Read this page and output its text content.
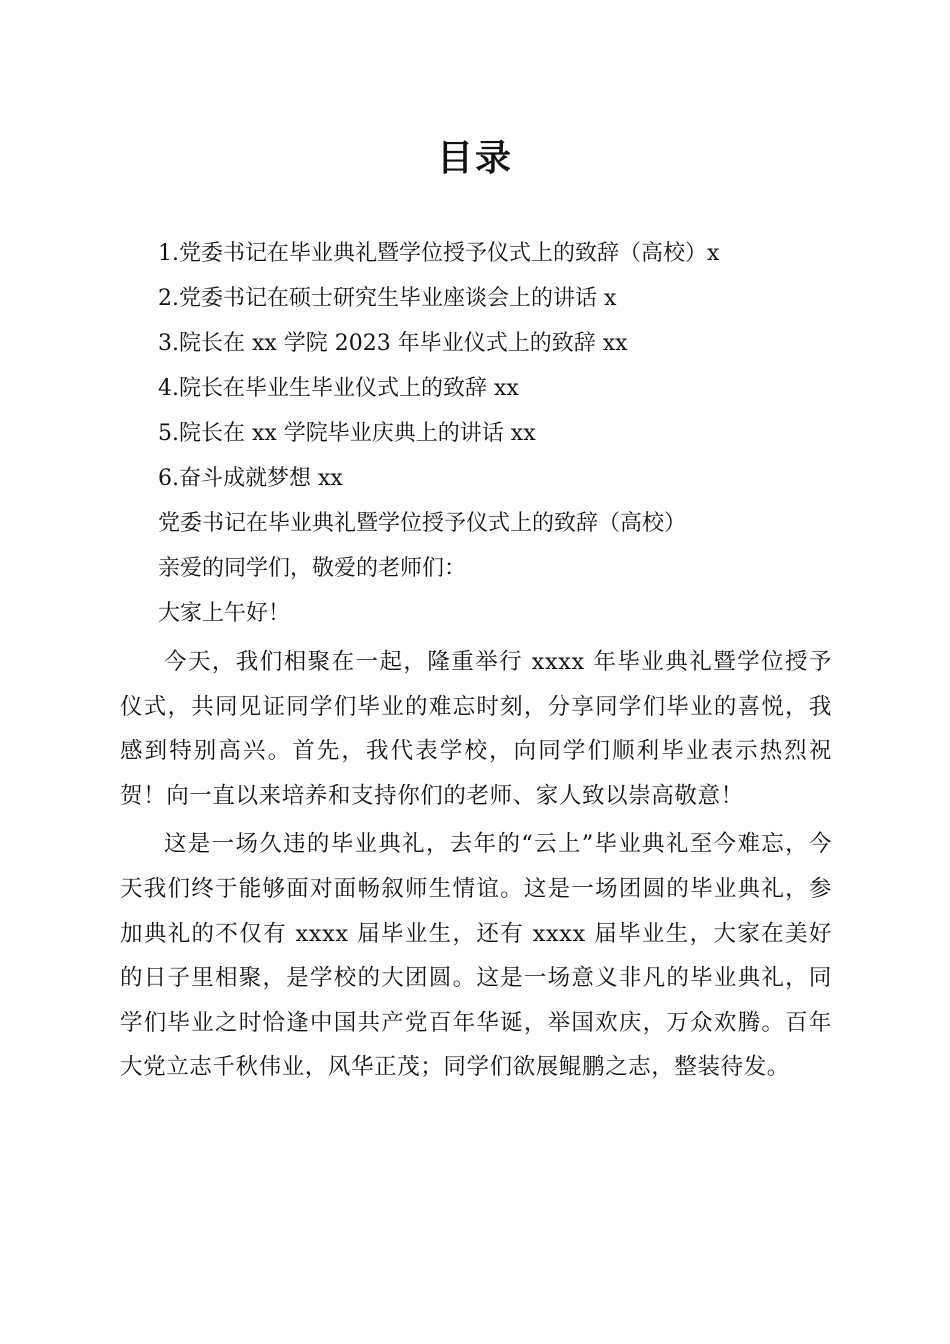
目录
1.党委书记在毕业典礼暨学位授予仪式上的致辞（高校）x
2.党委书记在硕士研究生毕业座谈会上的讲话 x
3.院长在 xx 学院 2023 年毕业仪式上的致辞 xx
4.院长在毕业生毕业仪式上的致辞 xx
5.院长在 xx 学院毕业庆典上的讲话 xx
6.奋斗成就梦想 xx
党委书记在毕业典礼暨学位授予仪式上的致辞（高校）
亲爱的同学们，敬爱的老师们：
大家上午好！

今天，我们相聚在一起，隆重举行 xxxx 年毕业典礼暨学位授予仪式，共同见证同学们毕业的难忘时刻，分享同学们毕业的喜悦，我感到特别高兴。首先，我代表学校，向同学们顺利毕业表示热烈祝贺！向一直以来培养和支持你们的老师、家人致以崇高敬意！

这是一场久违的毕业典礼，去年的“云上”毕业典礼至今难忘，今天我们终于能够面对面畅叙师生情谊。这是一场团圆的毕业典礼，参加典礼的不仅有 xxxx 届毕业生，还有 xxxx 届毕业生，大家在美好的日子里相聚，是学校的大团圆。这是一场意义非凡的毕业典礼，同学们毕业之时恰逢中国共产党百年华诞，举国欢庆，万众欢腾。百年大党立志千秋伟业，风华正茂；同学们欲展鲲鹏之志，整装待发。
